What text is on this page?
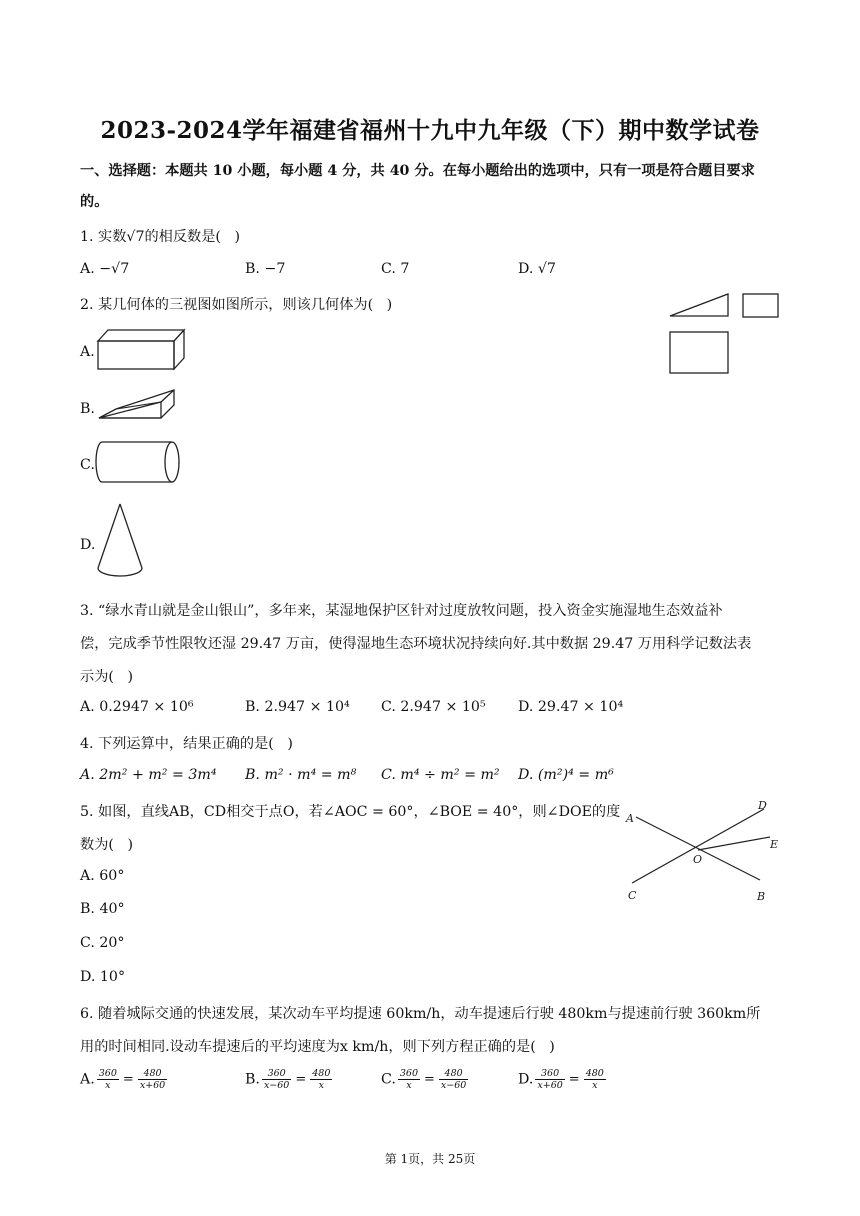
2023-2024学年福建省福州十九中九年级（下）期中数学试卷
一、选择题：本题共 10 小题，每小题 4 分，共 40 分。在每小题给出的选项中，只有一项是符合题目要求
的。
1. 实数√7的相反数是(   )
A. −√7	B. −7	C. 7	D. √7
2. 某几何体的三视图如图所示，则该几何体为(   )
A.
B.
C.
D.
3. “绿水青山就是金山银山”，多年来，某湿地保护区针对过度放牧问题，投入资金实施湿地生态效益补
偿，完成季节性限牧还湿 29.47 万亩，使得湿地生态环境状况持续向好.其中数据 29.47 万用科学记数法表
示为(   )
A. 0.2947 × 10⁶	B. 2.947 × 10⁴ C. 2.947 × 10⁵ D. 29.47 × 10⁴
4. 下列运算中，结果正确的是(   )
A. 2m² + m² = 3m⁴ B. m² · m⁴ = m⁸ C. m⁴ ÷ m² = m² D. (m²)⁴ = m⁶
5. 如图，直线AB，CD相交于点O，若∠AOC = 60°，∠BOE = 40°，则∠DOE的度
数为(   )
A. 60°
B. 40°
C. 20°
D. 10°
A
D
E
O
C	B
6. 随着城际交通的快速发展，某次动车平均提速 60km/h，动车提速后行驶 480km与提速前行驶 360km所
用的时间相同.设动车提速后的平均速度为x km/h，则下列方程正确的是(   )
A. $\frac{360}{x} = \frac{480}{x+60}$	B. $\frac{360}{x-60} = \frac{480}{x}$	C. $\frac{360}{x} = \frac{480}{x-60}$	D. $\frac{360}{x+60} = \frac{480}{x}$
第 1页，共 25页
